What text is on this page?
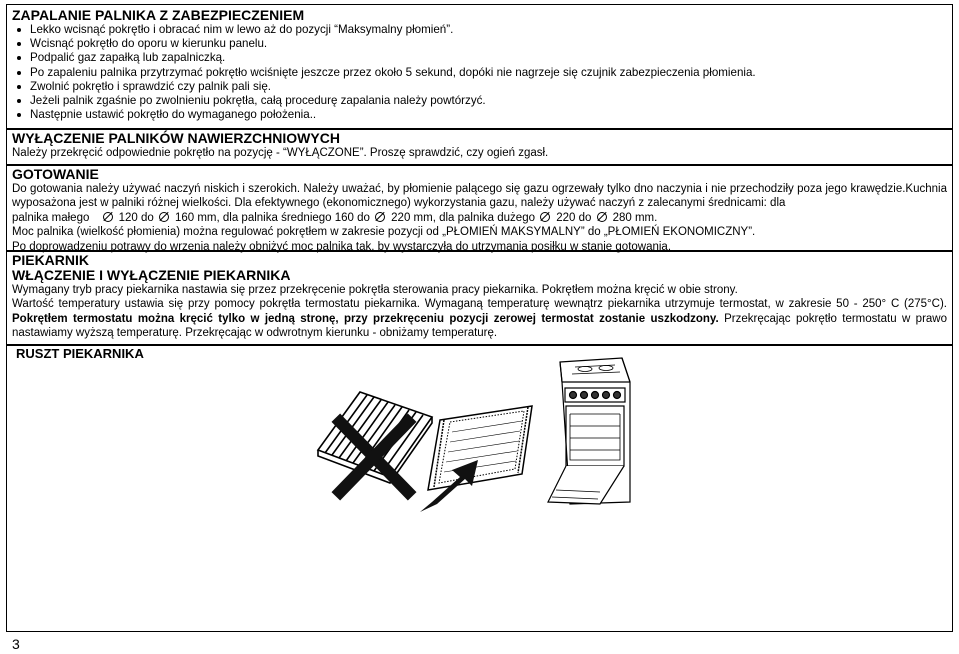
ZAPALANIE PALNIKA Z ZABEZPIECZENIEM
Lekko wcisnąć pokrętło i obracać nim w lewo aż do pozycji “Maksymalny płomień”.
Wcisnąć pokrętło do oporu w kierunku panelu.
Podpalić gaz zapałką lub zapalniczką.
Po zapaleniu palnika przytrzymać pokrętło wciśnięte jeszcze przez około 5 sekund, dopóki nie nagrzeje się czujnik zabezpieczenia płomienia.
Zwolnić pokrętło i sprawdzić czy palnik pali się.
Jeżeli palnik zgaśnie po zwolnieniu pokrętła, całą procedurę zapalania należy powtórzyć.
Następnie ustawić pokrętło do wymaganego położenia..
WYŁĄCZENIE PALNIKÓW NAWIERZCHNIOWYCH

Należy przekręcić odpowiednie pokrętło na pozycję - “WYŁĄCZONE”. Proszę sprawdzić, czy ogień zgasł.

GOTOWANIE

Do gotowania należy używać naczyń niskich i szerokich. Należy uważać, by płomienie palącego się gazu ogrzewały tylko dno naczynia i nie przechodziły poza jego krawędzie.Kuchnia wyposażona jest w palniki różnej wielkości. Dla efektywnego (ekonomicznego) wykorzystania gazu, należy używać naczyń z zalecanymi średnicami: dla

palnika małego	120 do 160 mm, dla palnika średniego 160 do 220 mm, dla palnika dużego 220 do 280 mm.

Moc palnika (wielkość płomienia) można regulować pokrętłem w zakresie pozycji od „PŁOMIEŃ MAKSYMALNY” do „PŁOMIEŃ EKONOMICZNY”.

Po doprowadzeniu potrawy do wrzenia należy obniżyć moc palnika tak, by wystarczyła do utrzymania posiłku w stanie gotowania.

PIEKARNIK
WŁĄCZENIE I WYŁĄCZENIE PIEKARNIKA

Wymagany tryb pracy piekarnika nastawia się przez przekręcenie pokrętła sterowania pracy piekarnika. Pokrętłem można kręcić w obie strony.

Wartość temperatury ustawia się przy pomocy pokrętła termostatu piekarnika. Wymaganą temperaturę wewnątrz piekarnika utrzymuje termostat, w zakresie 50 - 250° C (275°C). Pokrętłem termostatu można kręcić tylko w jedną stronę, przy przekręceniu pozycji zerowej termostat zostanie uszkodzony. Przekręcając pokrętło termostatu w prawo nastawiamy wyższą temperaturę. Przekręcając w odwrotnym kierunku - obniżamy temperaturę.

RUSZT PIEKARNIKA
3
